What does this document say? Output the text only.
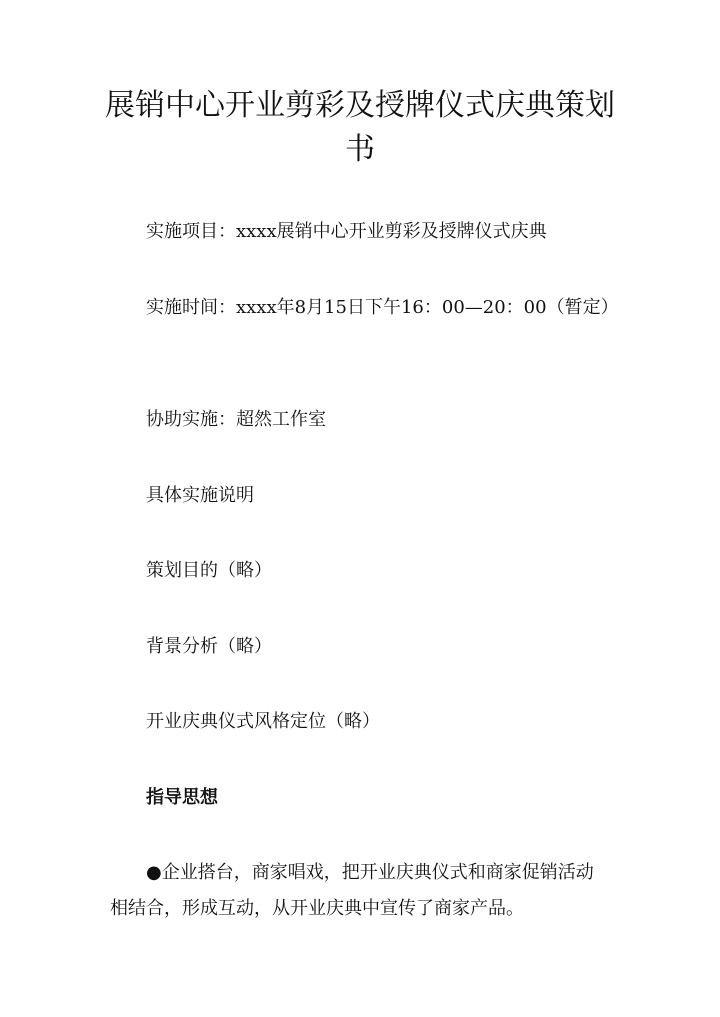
展销中心开业剪彩及授牌仪式庆典策划书

实施项目：xxxx展销中心开业剪彩及授牌仪式庆典

实施时间：xxxx年8月15日下午16：00—20：00（暂定）

协助实施：超然工作室

具体实施说明

策划目的（略）

背景分析（略）

开业庆典仪式风格定位（略）

指导思想

●企业搭台，商家唱戏，把开业庆典仪式和商家促销活动相结合，形成互动，从开业庆典中宣传了商家产品。
